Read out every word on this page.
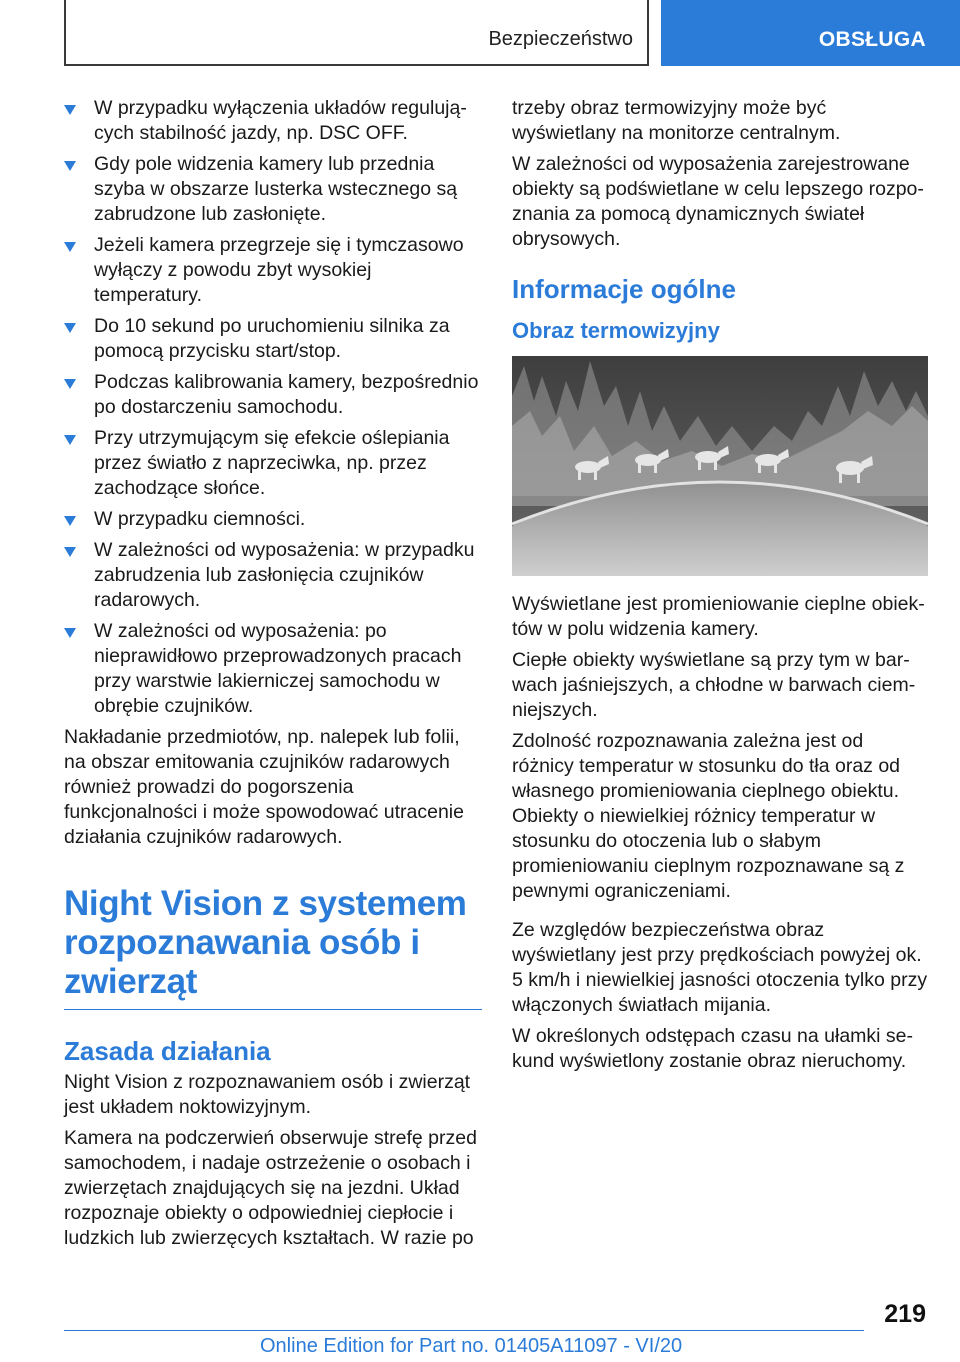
Bezpieczeństwo	OBSŁUGA
W przypadku wyłączenia układów regulujących stabilność jazdy, np. DSC OFF.
Gdy pole widzenia kamery lub przednia szyba w obszarze lusterka wstecznego są zabrudzone lub zasłonięte.
Jeżeli kamera przegrzeje się i tymczasowo wyłączy z powodu zbyt wysokiej temperatury.
Do 10 sekund po uruchomieniu silnika za pomocą przycisku start/stop.
Podczas kalibrowania kamery, bezpośrednio po dostarczeniu samochodu.
Przy utrzymującym się efekcie oślepiania przez światło z naprzeciwka, np. przez zachodzące słońce.
W przypadku ciemności.
W zależności od wyposażenia: w przypadku zabrudzenia lub zasłonięcia czujników radarowych.
W zależności od wyposażenia: po nieprawidłowo przeprowadzonych pracach przy warstwie lakierniczej samochodu w obrębie czujników.

Nakładanie przedmiotów, np. nalepek lub folii, na obszar emitowania czujników radarowych również prowadzi do pogorszenia funkcjonalności i może spowodować utracenie działania czujników radarowych.

Night Vision z systemem rozpoznawania osób i zwierząt
Zasada działania

Night Vision z rozpoznawaniem osób i zwierząt jest układem noktowizyjnym.

Kamera na podczerwień obserwuje strefę przed samochodem, i nadaje ostrzeżenie o osobach i zwierzętach znajdujących się na jezdni. Układ rozpoznaje obiekty o odpowiedniej ciepłocie i ludzkich lub zwierzęcych kształtach. W razie po

trzeby obraz termowizyjny może być wyświetlany na monitorze centralnym.

W zależności od wyposażenia zarejestrowane obiekty są podświetlane w celu lepszego rozpoznania za pomocą dynamicznych świateł obrysowych.

Informacje ogólne
Obraz termowizyjny

Wyświetlane jest promieniowanie cieplne obiektów w polu widzenia kamery.

Ciepłe obiekty wyświetlane są przy tym w barwach jaśniejszych, a chłodne w barwach ciemniejszych.

Zdolność rozpoznawania zależna jest od różnicy temperatur w stosunku do tła oraz od własnego promieniowania cieplnego obiektu. Obiekty o niewielkiej różnicy temperatur w stosunku do otoczenia lub o słabym promieniowaniu cieplnym rozpoznawane są z pewnymi ograniczeniami.

Ze względów bezpieczeństwa obraz wyświetlany jest przy prędkościach powyżej ok. 5 km/h i niewielkiej jasności otoczenia tylko przy włączonych światłach mijania.

W określonych odstępach czasu na ułamki sekund wyświetlony zostanie obraz nieruchomy.

219
Online Edition for Part no. 01405A11097 - VI/20
